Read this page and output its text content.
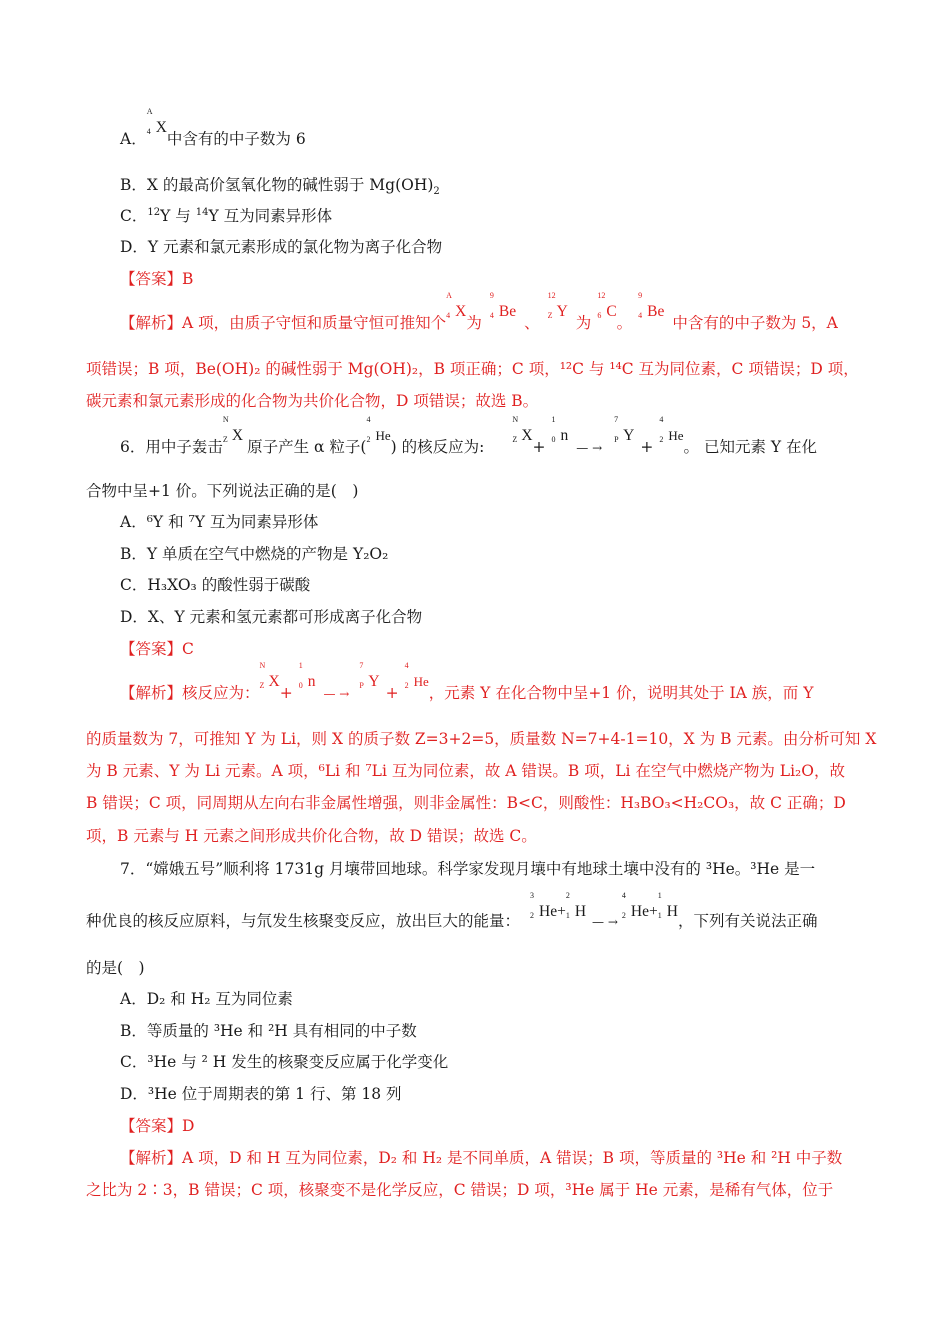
A．
A
4 X中含有的中子数为 6
B．X 的最高价氢氧化物的碱性弱于 $Mg(OH)_2$
C．$^{12}$Y 与 $^{14}$Y 互为同素异形体
D．Y 元素和氯元素形成的氯化物为离子化合物
【答案】B
【解析】A 项，由质子守恒和质量守恒可推知个
A
4 X为
9
4 Be、
12
Z Y为
12
6 C。
9
4 Be中含有的中子数为 5，A
项错误；B 项，Be(OH)₂ 的碱性弱于 Mg(OH)₂，B 项正确；C 项，¹²C 与 ¹⁴C 互为同位素，C 项错误；D 项，
碳元素和氯元素形成的化合物为共价化合物，D 项错误；故选 B。
6．用中子轰击
N
Z X原子产生 α 粒子(
4
2 He) 的核反应为:
N
Z X+
1
0 n— →
7
P Y+
4
2 He。 已知元素 Y 在化
合物中呈+1 价。下列说法正确的是(　)
A．⁶Y 和 ⁷Y 互为同素异形体
B．Y 单质在空气中燃烧的产物是 Y₂O₂
C．H₃XO₃ 的酸性弱于碳酸
D．X、Y 元素和氢元素都可形成离子化合物
【答案】C
【解析】核反应为：
N
Z X+
1
0 n— →
7
P Y+
4
2 He，元素 Y 在化合物中呈+1 价，说明其处于 IA 族，而 Y
的质量数为 7，可推知 Y 为 Li，则 X 的质子数 Z=3+2=5，质量数 N=7+4-1=10，X 为 B 元素。由分析可知 X
为 B 元素、Y 为 Li 元素。A 项，⁶Li 和 ⁷Li 互为同位素，故 A 错误。B 项，Li 在空气中燃烧产物为 Li₂O，故
B 错误；C 项，同周期从左向右非金属性增强，则非金属性：B<C，则酸性：H₃BO₃<H₂CO₃，故 C 正确；D
项，B 元素与 H 元素之间形成共价化合物，故 D 错误；故选 C。
7．“嫦娥五号”顺利将 1731g 月壤带回地球。科学家发现月壤中有地球土壤中没有的 ³He。³He 是一
种优良的核反应原料，与氘发生核聚变反应，放出巨大的能量：
3
2 He+
2
1 H— →
4
2 He+
1
1 H，下列有关说法正确
的是(　)
A．D₂ 和 H₂ 互为同位素
B．等质量的 ³He 和 ²H 具有相同的中子数
C．³He 与 ² H 发生的核聚变反应属于化学变化
D．³He 位于周期表的第 1 行、第 18 列
【答案】D
【解析】A 项，D 和 H 互为同位素，D₂ 和 H₂ 是不同单质，A 错误；B 项，等质量的 ³He 和 ²H 中子数
之比为 2∶3，B 错误；C 项，核聚变不是化学反应，C 错误；D 项，³He 属于 He 元素，是稀有气体，位于
